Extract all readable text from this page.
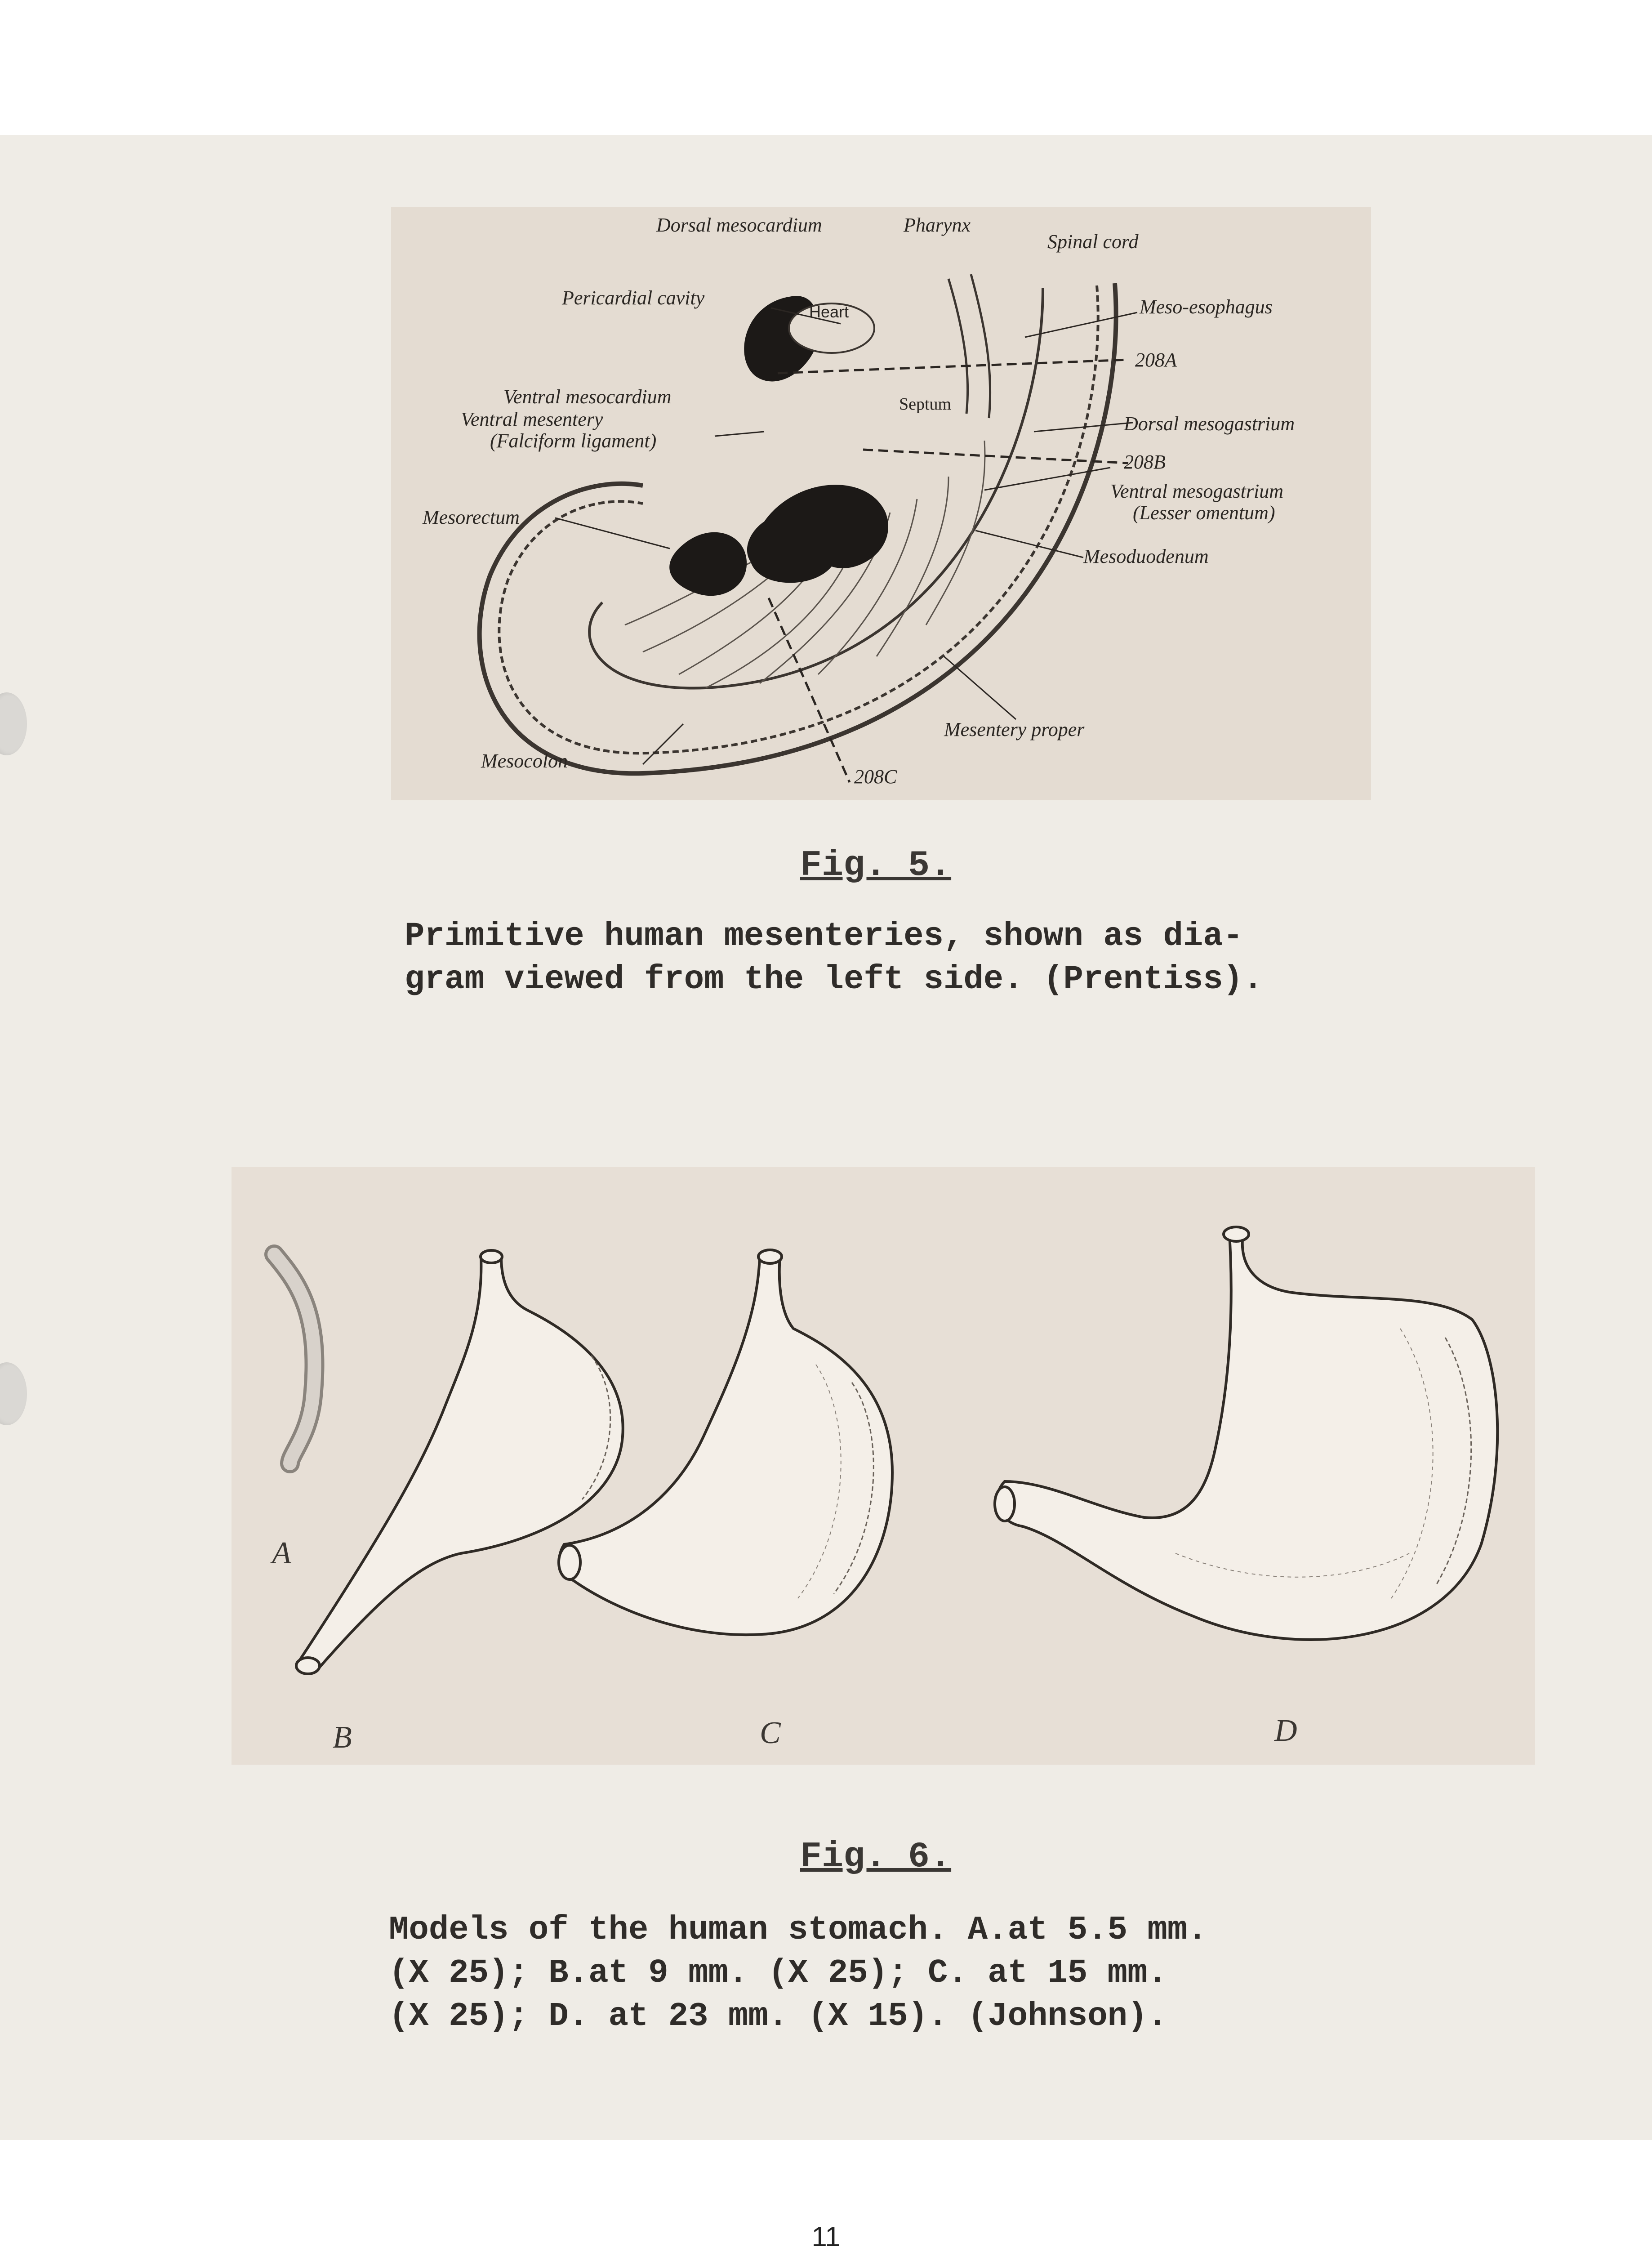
Dorsal mesocardium	Pharynx
Spinal cord
Pericardial cavity
Heart	Meso-esophagus
208A
Septum
Ventral mesocardium
Ventral mesentery
(Falciform ligament)
Dorsal mesogastrium
208B
Ventral mesogastrium
(Lesser omentum)
Mesorectum
Mesoduodenum
Mesentery proper
Mesocolon
208C
Fig. 5.
Primitive human mesenteries, shown as dia-
gram viewed from the left side. (Prentiss).
A
B	C	D
Fig. 6.
Models of the human stomach. A.at 5.5 mm.
(X 25); B.at 9 mm. (X 25); C. at 15 mm.
(X 25); D. at 23 mm. (X 15). (Johnson).
11
